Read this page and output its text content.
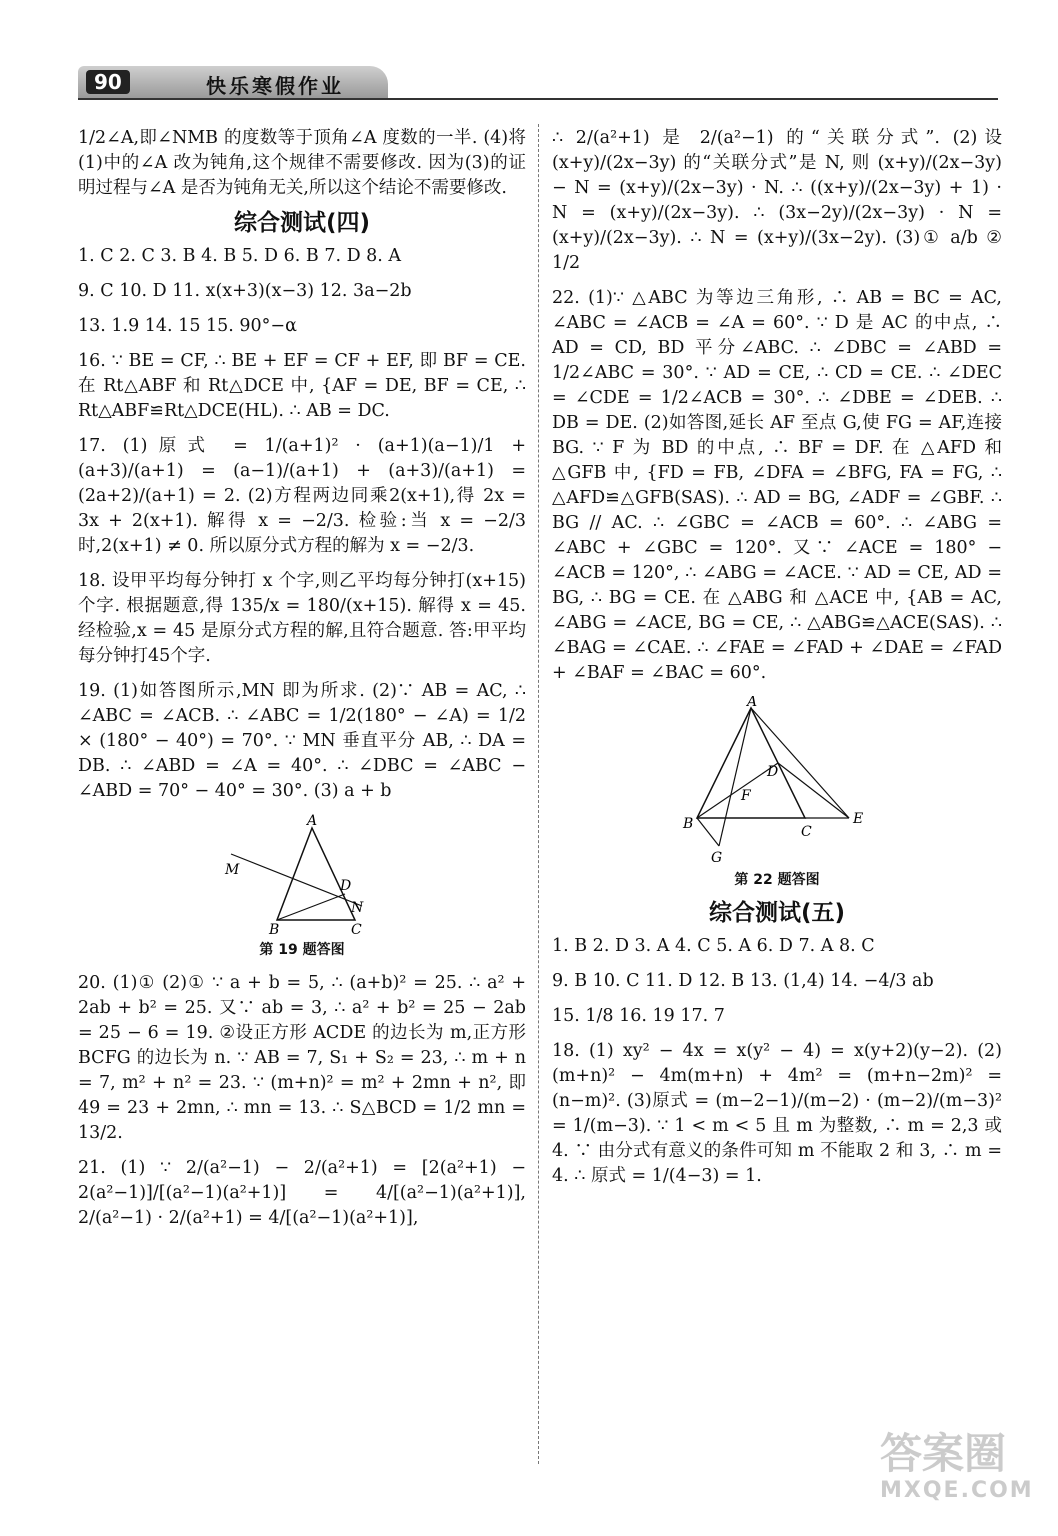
90	快乐寒假作业

1/2∠A,即∠NMB 的度数等于顶角∠A 度数的一半. (4)将(1)中的∠A 改为钝角,这个规律不需要修改. 因为(3)的证明过程与∠A 是否为钝角无关,所以这个结论不需要修改.

综合测试(四)

1. C 2. C 3. B 4. B 5. D 6. B 7. D 8. A

9. C 10. D 11. x(x+3)(x−3) 12. 3a−2b

13. 1.9 14. 15 15. 90°−α

16. ∵ BE = CF, ∴ BE + EF = CF + EF, 即 BF = CE. 在 Rt△ABF 和 Rt△DCE 中, {AF = DE, BF = CE, ∴ Rt△ABF≌Rt△DCE(HL). ∴ AB = DC.

17. (1)原式 = 1/(a+1)² · (a+1)(a−1)/1 + (a+3)/(a+1) = (a−1)/(a+1) + (a+3)/(a+1) = (2a+2)/(a+1) = 2. (2)方程两边同乘2(x+1),得 2x = 3x + 2(x+1). 解得 x = −2/3. 检验:当 x = −2/3 时,2(x+1) ≠ 0. 所以原分式方程的解为 x = −2/3.

18. 设甲平均每分钟打 x 个字,则乙平均每分钟打(x+15)个字. 根据题意,得 135/x = 180/(x+15). 解得 x = 45. 经检验,x = 45 是原分式方程的解,且符合题意. 答:甲平均每分钟打45个字.

19. (1)如答图所示,MN 即为所求. (2)∵ AB = AC, ∴ ∠ABC = ∠ACB. ∴ ∠ABC = 1/2(180° − ∠A) = 1/2 × (180° − 40°) = 70°. ∵ MN 垂直平分 AB, ∴ DA = DB. ∴ ∠ABD = ∠A = 40°. ∴ ∠DBC = ∠ABC − ∠ABD = 70° − 40° = 30°. (3) a + b

A
M
D
N
B	C
第 19 题答图

20. (1)① (2)① ∵ a + b = 5, ∴ (a+b)² = 25. ∴ a² + 2ab + b² = 25. 又∵ ab = 3, ∴ a² + b² = 25 − 2ab = 25 − 6 = 19. ②设正方形 ACDE 的边长为 m,正方形 BCFG 的边长为 n. ∵ AB = 7, S₁ + S₂ = 23, ∴ m + n = 7, m² + n² = 23. ∵ (m+n)² = m² + 2mn + n², 即 49 = 23 + 2mn, ∴ mn = 13. ∴ S△BCD = 1/2 mn = 13/2.

21. (1) ∵ 2/(a²−1) − 2/(a²+1) = [2(a²+1) − 2(a²−1)]/[(a²−1)(a²+1)] = 4/[(a²−1)(a²+1)], 2/(a²−1) · 2/(a²+1) = 4/[(a²−1)(a²+1)],

∴ 2/(a²+1) 是 2/(a²−1) 的“关联分式”. (2)设 (x+y)/(2x−3y) 的“关联分式”是 N, 则 (x+y)/(2x−3y) − N = (x+y)/(2x−3y) · N. ∴ ((x+y)/(2x−3y) + 1) · N = (x+y)/(2x−3y). ∴ (3x−2y)/(2x−3y) · N = (x+y)/(2x−3y). ∴ N = (x+y)/(3x−2y). (3)① a/b ② 1/2

22. (1)∵ △ABC 为等边三角形, ∴ AB = BC = AC, ∠ABC = ∠ACB = ∠A = 60°. ∵ D 是 AC 的中点, ∴ AD = CD, BD 平分∠ABC. ∴ ∠DBC = ∠ABD = 1/2∠ABC = 30°. ∵ AD = CE, ∴ CD = CE. ∴ ∠DEC = ∠CDE = 1/2∠ACB = 30°. ∴ ∠DBE = ∠DEB. ∴ DB = DE. (2)如答图,延长 AF 至点 G,使 FG = AF,连接 BG. ∵ F 为 BD 的中点, ∴ BF = DF. 在 △AFD 和 △GFB 中, {FD = FB, ∠DFA = ∠BFG, FA = FG, ∴ △AFD≌△GFB(SAS). ∴ AD = BG, ∠ADF = ∠GBF. ∴ BG // AC. ∴ ∠GBC = ∠ACB = 60°. ∴ ∠ABG = ∠ABC + ∠GBC = 120°. 又∵ ∠ACE = 180° − ∠ACB = 120°, ∴ ∠ABG = ∠ACE. ∵ AD = CE, AD = BG, ∴ BG = CE. 在 △ABG 和 △ACE 中, {AB = AC, ∠ABG = ∠ACE, BG = CE, ∴ △ABG≌△ACE(SAS). ∴ ∠BAG = ∠CAE. ∴ ∠FAE = ∠FAD + ∠DAE = ∠FAD + ∠BAF = ∠BAC = 60°.

A
D
F
B	C
E
G
第 22 题答图
综合测试(五)

1. B 2. D 3. A 4. C 5. A 6. D 7. A 8. C

9. B 10. C 11. D 12. B 13. (1,4) 14. −4/3 ab

15. 1/8 16. 19 17. 7

18. (1) xy² − 4x = x(y² − 4) = x(y+2)(y−2). (2) (m+n)² − 4m(m+n) + 4m² = (m+n−2m)² = (n−m)². (3)原式 = (m−2−1)/(m−2) · (m−2)/(m−3)² = 1/(m−3). ∵ 1 < m < 5 且 m 为整数, ∴ m = 2,3 或 4. ∵ 由分式有意义的条件可知 m 不能取 2 和 3, ∴ m = 4. ∴ 原式 = 1/(4−3) = 1.

答案圈
MXQE.COM
